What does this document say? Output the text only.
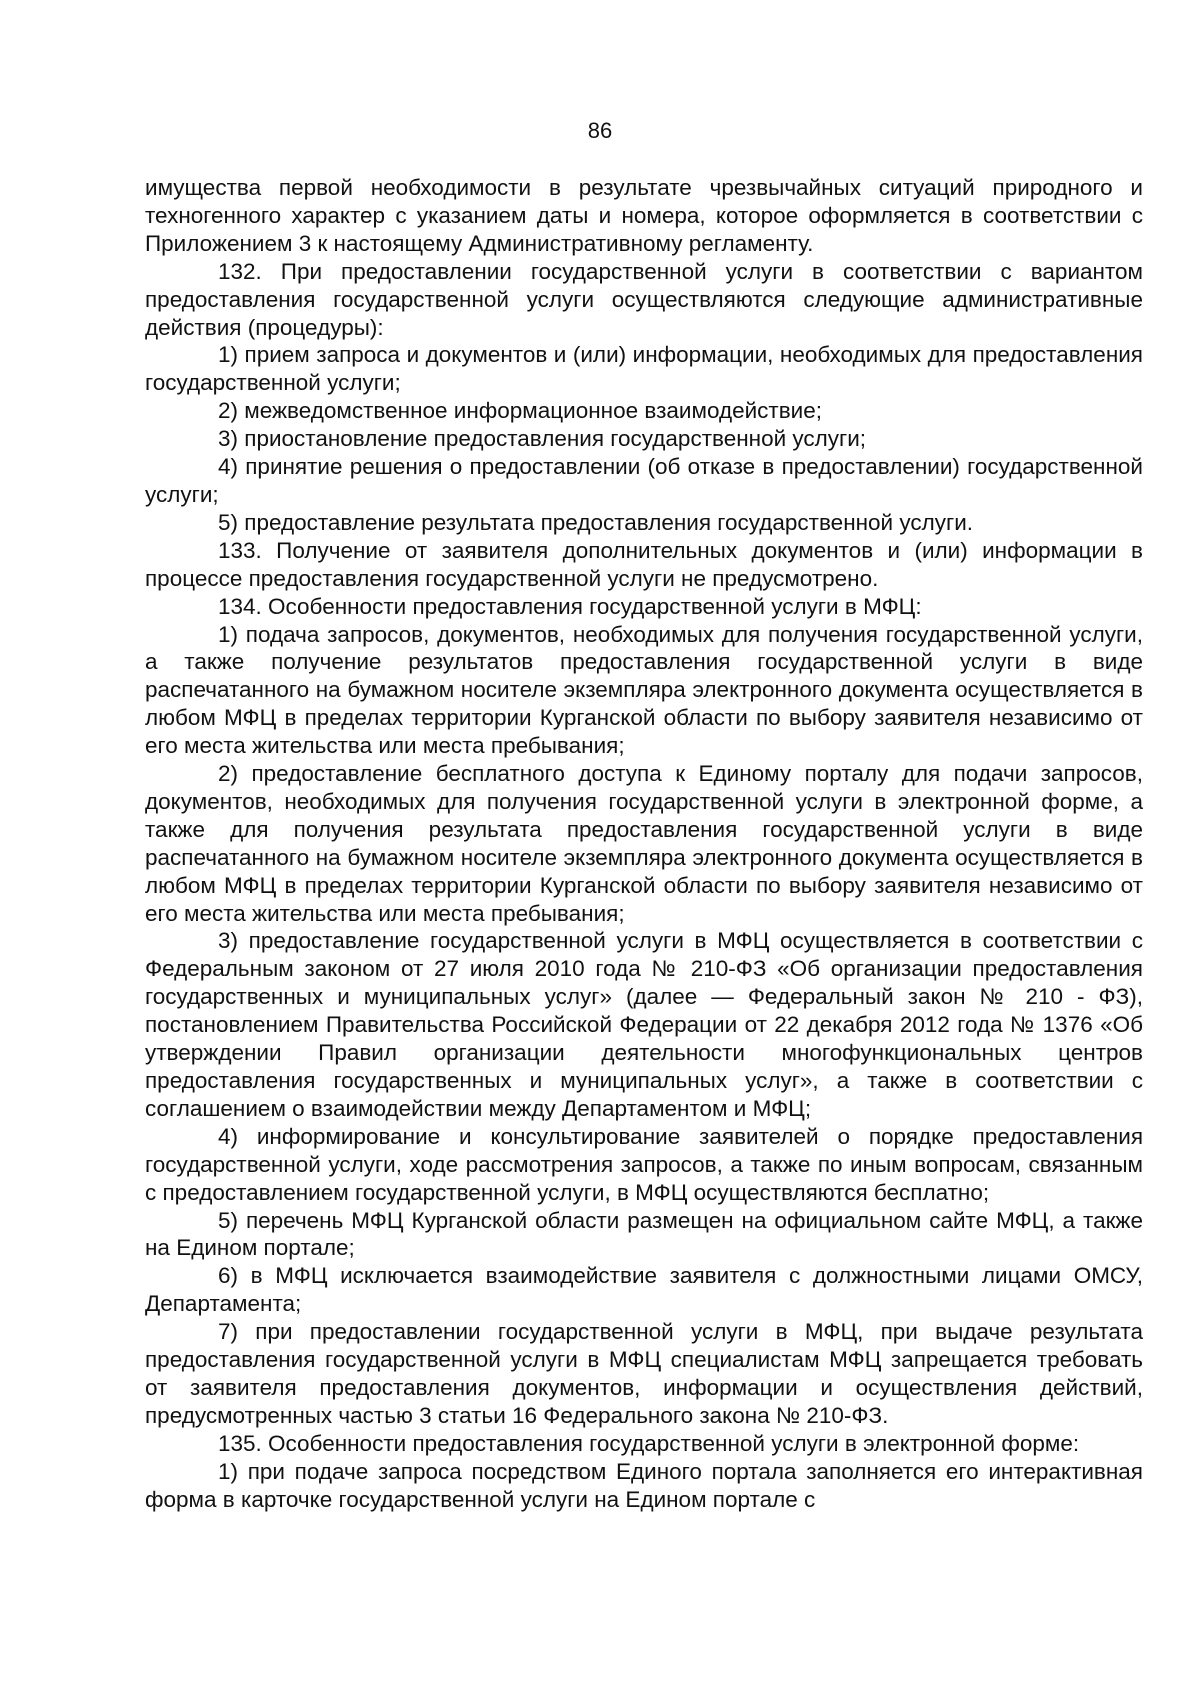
86

имущества первой необходимости в результате чрезвычайных ситуаций природного и техногенного характер с указанием даты и номера, которое оформляется в соответствии с Приложением 3 к настоящему Административному регламенту.

132. При предоставлении государственной услуги в соответствии с вариантом предоставления государственной услуги осуществляются следующие административные действия (процедуры):

1) прием запроса и документов и (или) информации, необходимых для предоставления государственной услуги;

2) межведомственное информационное взаимодействие;

3) приостановление предоставления государственной услуги;

4) принятие решения о предоставлении (об отказе в предоставлении) государственной услуги;

5) предоставление результата предоставления государственной услуги.

133. Получение от заявителя дополнительных документов и (или) информации в процессе предоставления государственной услуги не предусмотрено.

134. Особенности предоставления государственной услуги в МФЦ:

1) подача запросов, документов, необходимых для получения государственной услуги, а также получение результатов предоставления государственной услуги в виде распечатанного на бумажном носителе экземпляра электронного документа осуществляется в любом МФЦ в пределах территории Курганской области по выбору заявителя независимо от его места жительства или места пребывания;

2) предоставление бесплатного доступа к Единому порталу для подачи запросов, документов, необходимых для получения государственной услуги в электронной форме, а также для получения результата предоставления государственной услуги в виде распечатанного на бумажном носителе экземпляра электронного документа осуществляется в любом МФЦ в пределах территории Курганской области по выбору заявителя независимо от его места жительства или места пребывания;

3) предоставление государственной услуги в МФЦ осуществляется в соответствии с Федеральным законом от 27 июля 2010 года № 210-ФЗ «Об организации предоставления государственных и муниципальных услуг» (далее — Федеральный закон № 210 - ФЗ), постановлением Правительства Российской Федерации от 22 декабря 2012 года № 1376 «Об утверждении Правил организации деятельности многофункциональных центров предоставления государственных и муниципальных услуг», а также в соответствии с соглашением о взаимодействии между Департаментом и МФЦ;

4) информирование и консультирование заявителей о порядке предоставления государственной услуги, ходе рассмотрения запросов, а также по иным вопросам, связанным с предоставлением государственной услуги, в МФЦ осуществляются бесплатно;

5) перечень МФЦ Курганской области размещен на официальном сайте МФЦ, а также на Едином портале;

6) в МФЦ исключается взаимодействие заявителя с должностными лицами ОМСУ, Департамента;

7) при предоставлении государственной услуги в МФЦ, при выдаче результата предоставления государственной услуги в МФЦ специалистам МФЦ запрещается требовать от заявителя предоставления документов, информации и осуществления действий, предусмотренных частью 3 статьи 16 Федерального закона № 210-ФЗ.

135. Особенности предоставления государственной услуги в электронной форме:

1) при подаче запроса посредством Единого портала заполняется его интерактивная форма в карточке государственной услуги на Едином портале с
